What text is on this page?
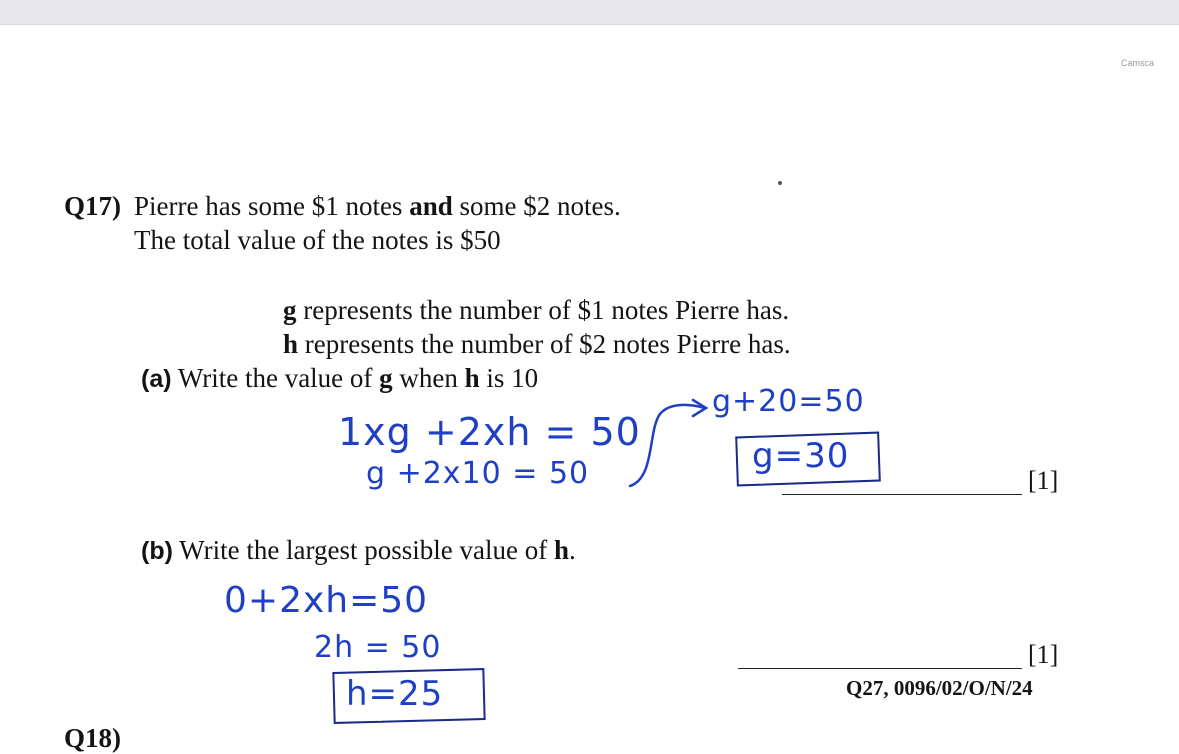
Camsca
Q17) Pierre has some $1 notes and some $2 notes.
The total value of the notes is $50
g represents the number of $1 notes Pierre has.
h represents the number of $2 notes Pierre has.
(a) Write the value of g when h is 10
1xg +2xh = 50
g +2x10 = 50
g+20=50
g=30
[1]
(b) Write the largest possible value of h.
0+2xh=50
2h = 50
h=25
[1]
Q27, 0096/02/O/N/24
Q18)
